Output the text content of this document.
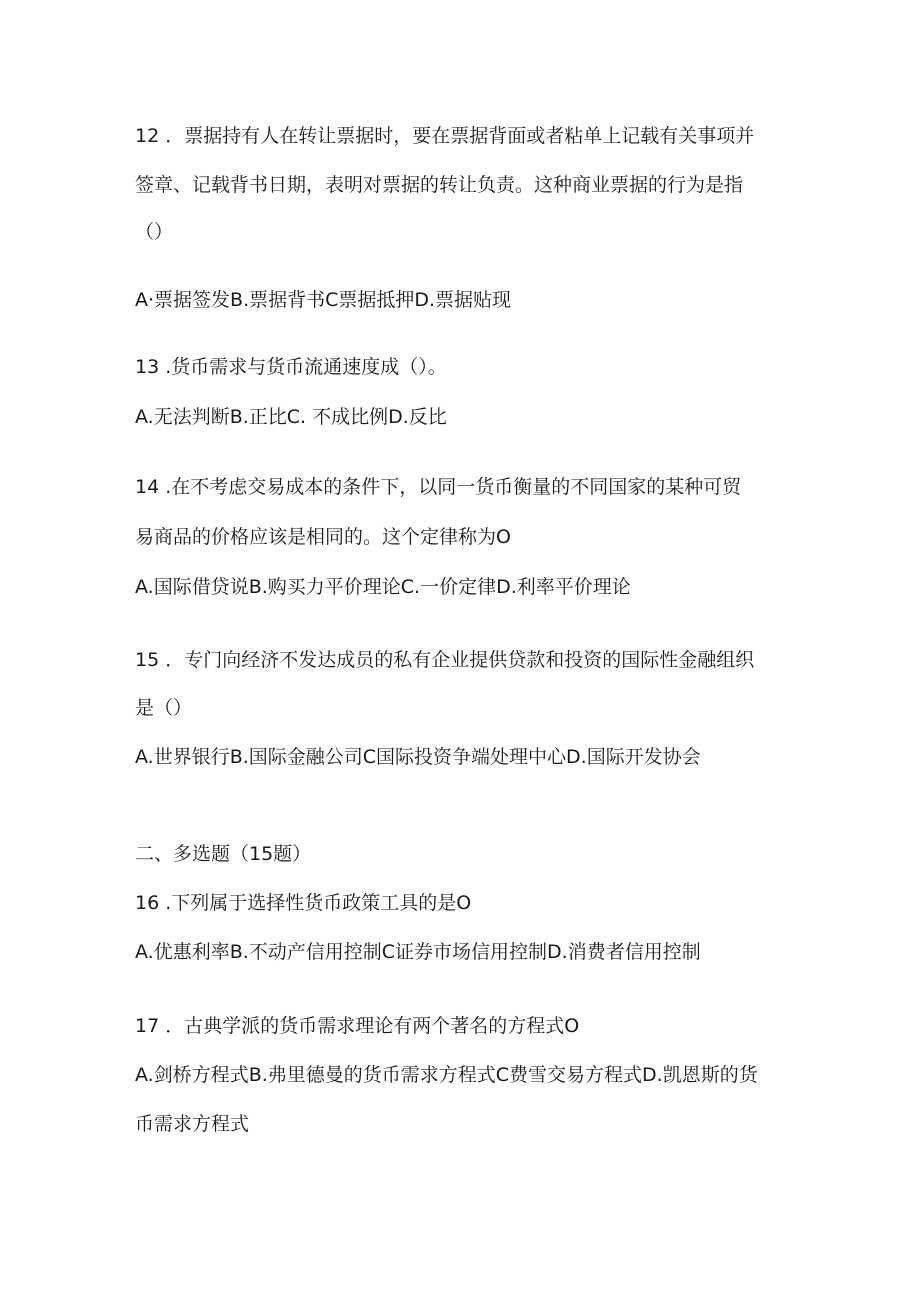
12 ．票据持有人在转让票据时，要在票据背面或者粘单上记载有关事项并
签章、记载背书日期，表明对票据的转让负责。这种商业票据的行为是指
（）
A·票据签发B.票据背书C票据抵押D.票据贴现
13 .货币需求与货币流通速度成（）。
A.无法判断B.正比C. 不成比例D.反比
14 .在不考虑交易成本的条件下，以同一货币衡量的不同国家的某种可贸
易商品的价格应该是相同的。这个定律称为O
A.国际借贷说B.购买力平价理论C.一价定律D.利率平价理论
15 ．专门向经济不发达成员的私有企业提供贷款和投资的国际性金融组织
是（）
A.世界银行B.国际金融公司C国际投资争端处理中心D.国际开发协会
二、多选题（15题）
16 .下列属于选择性货币政策工具的是O
A.优惠利率B.不动产信用控制C证券市场信用控制D.消费者信用控制
17 ．古典学派的货币需求理论有两个著名的方程式O
A.剑桥方程式B.弗里德曼的货币需求方程式C费雪交易方程式D.凯恩斯的货
币需求方程式
